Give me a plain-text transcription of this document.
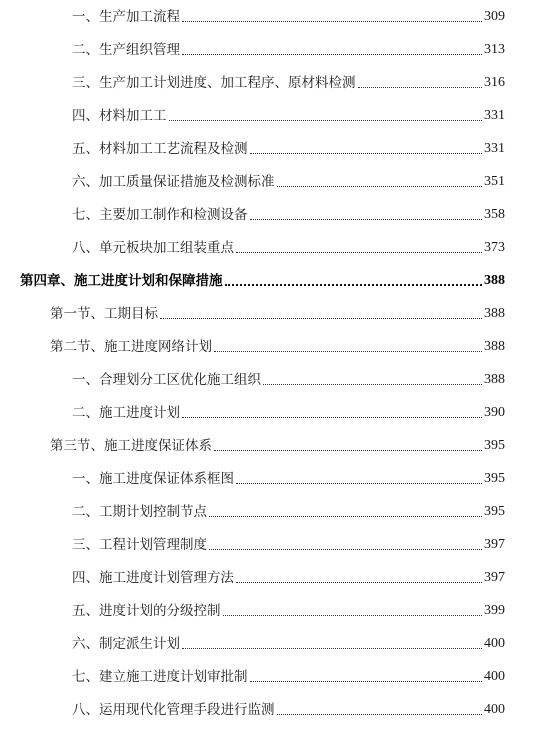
一、生产加工流程	309
二、生产组织管理	313
三、生产加工计划进度、加工程序、原材料检测	316
四、材料加工工	331
五、材料加工工艺流程及检测	331
六、加工质量保证措施及检测标准	351
七、主要加工制作和检测设备	358
八、单元板块加工组装重点	373
第四章、施工进度计划和保障措施	388
第一节、工期目标	388
第二节、施工进度网络计划	388
一、合理划分工区优化施工组织	388
二、施工进度计划	390
第三节、施工进度保证体系	395
一、施工进度保证体系框图	395
二、工期计划控制节点	395
三、工程计划管理制度	397
四、施工进度计划管理方法	397
五、进度计划的分级控制	399
六、制定派生计划	400
七、建立施工进度计划审批制	400
八、运用现代化管理手段进行监测	400
